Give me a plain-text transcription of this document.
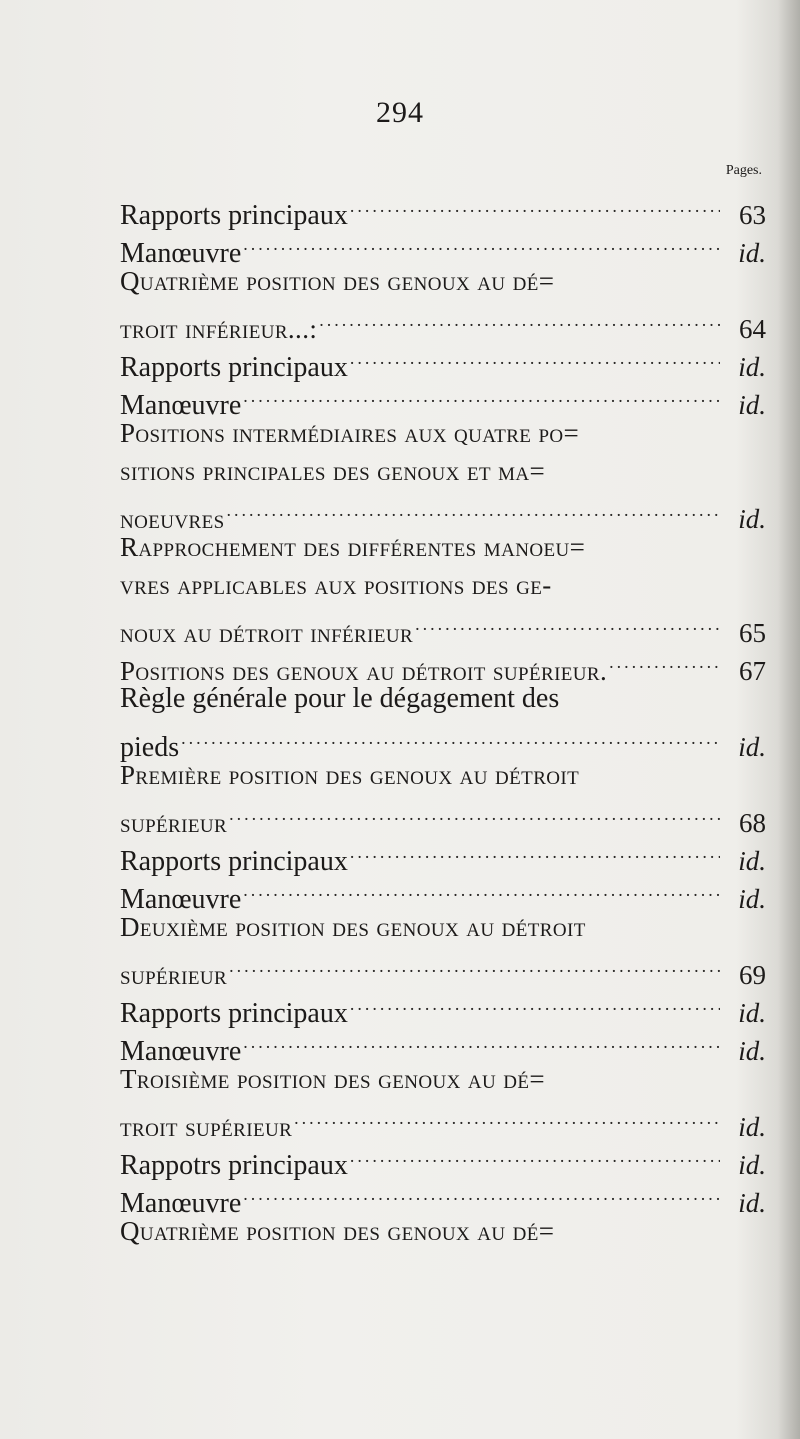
294
Pages.
Rapports principaux .....	63
Manœuvre .....	id.
Quatrième position des genoux au dé=
troit inférieur...: .....	64
Rapports principaux .....	id.
Manœuvre .....	id.
Positions intermédiaires aux quatre po=
sitions principales des genoux et ma=
noeuvres .....	id.
Rapprochement des différentes manoeu=
vres applicables aux positions des ge-
noux au détroit inférieur .....	65
Positions des genoux au détroit supérieur. .....	67
Règle générale pour le dégagement des
pieds .....	id.
Première position des genoux au détroit
supérieur .....	68
Rapports principaux .....	id.
Manœuvre .....	id.
Deuxième position des genoux au détroit
supérieur .....	69
Rapports principaux .....	id.
Manœuvre .....	id.
Troisième position des genoux au dé=
troit supérieur .....	id.
Rappotrs principaux .....	id.
Manœuvre .....	id.
Quatrième position des genoux au dé=
